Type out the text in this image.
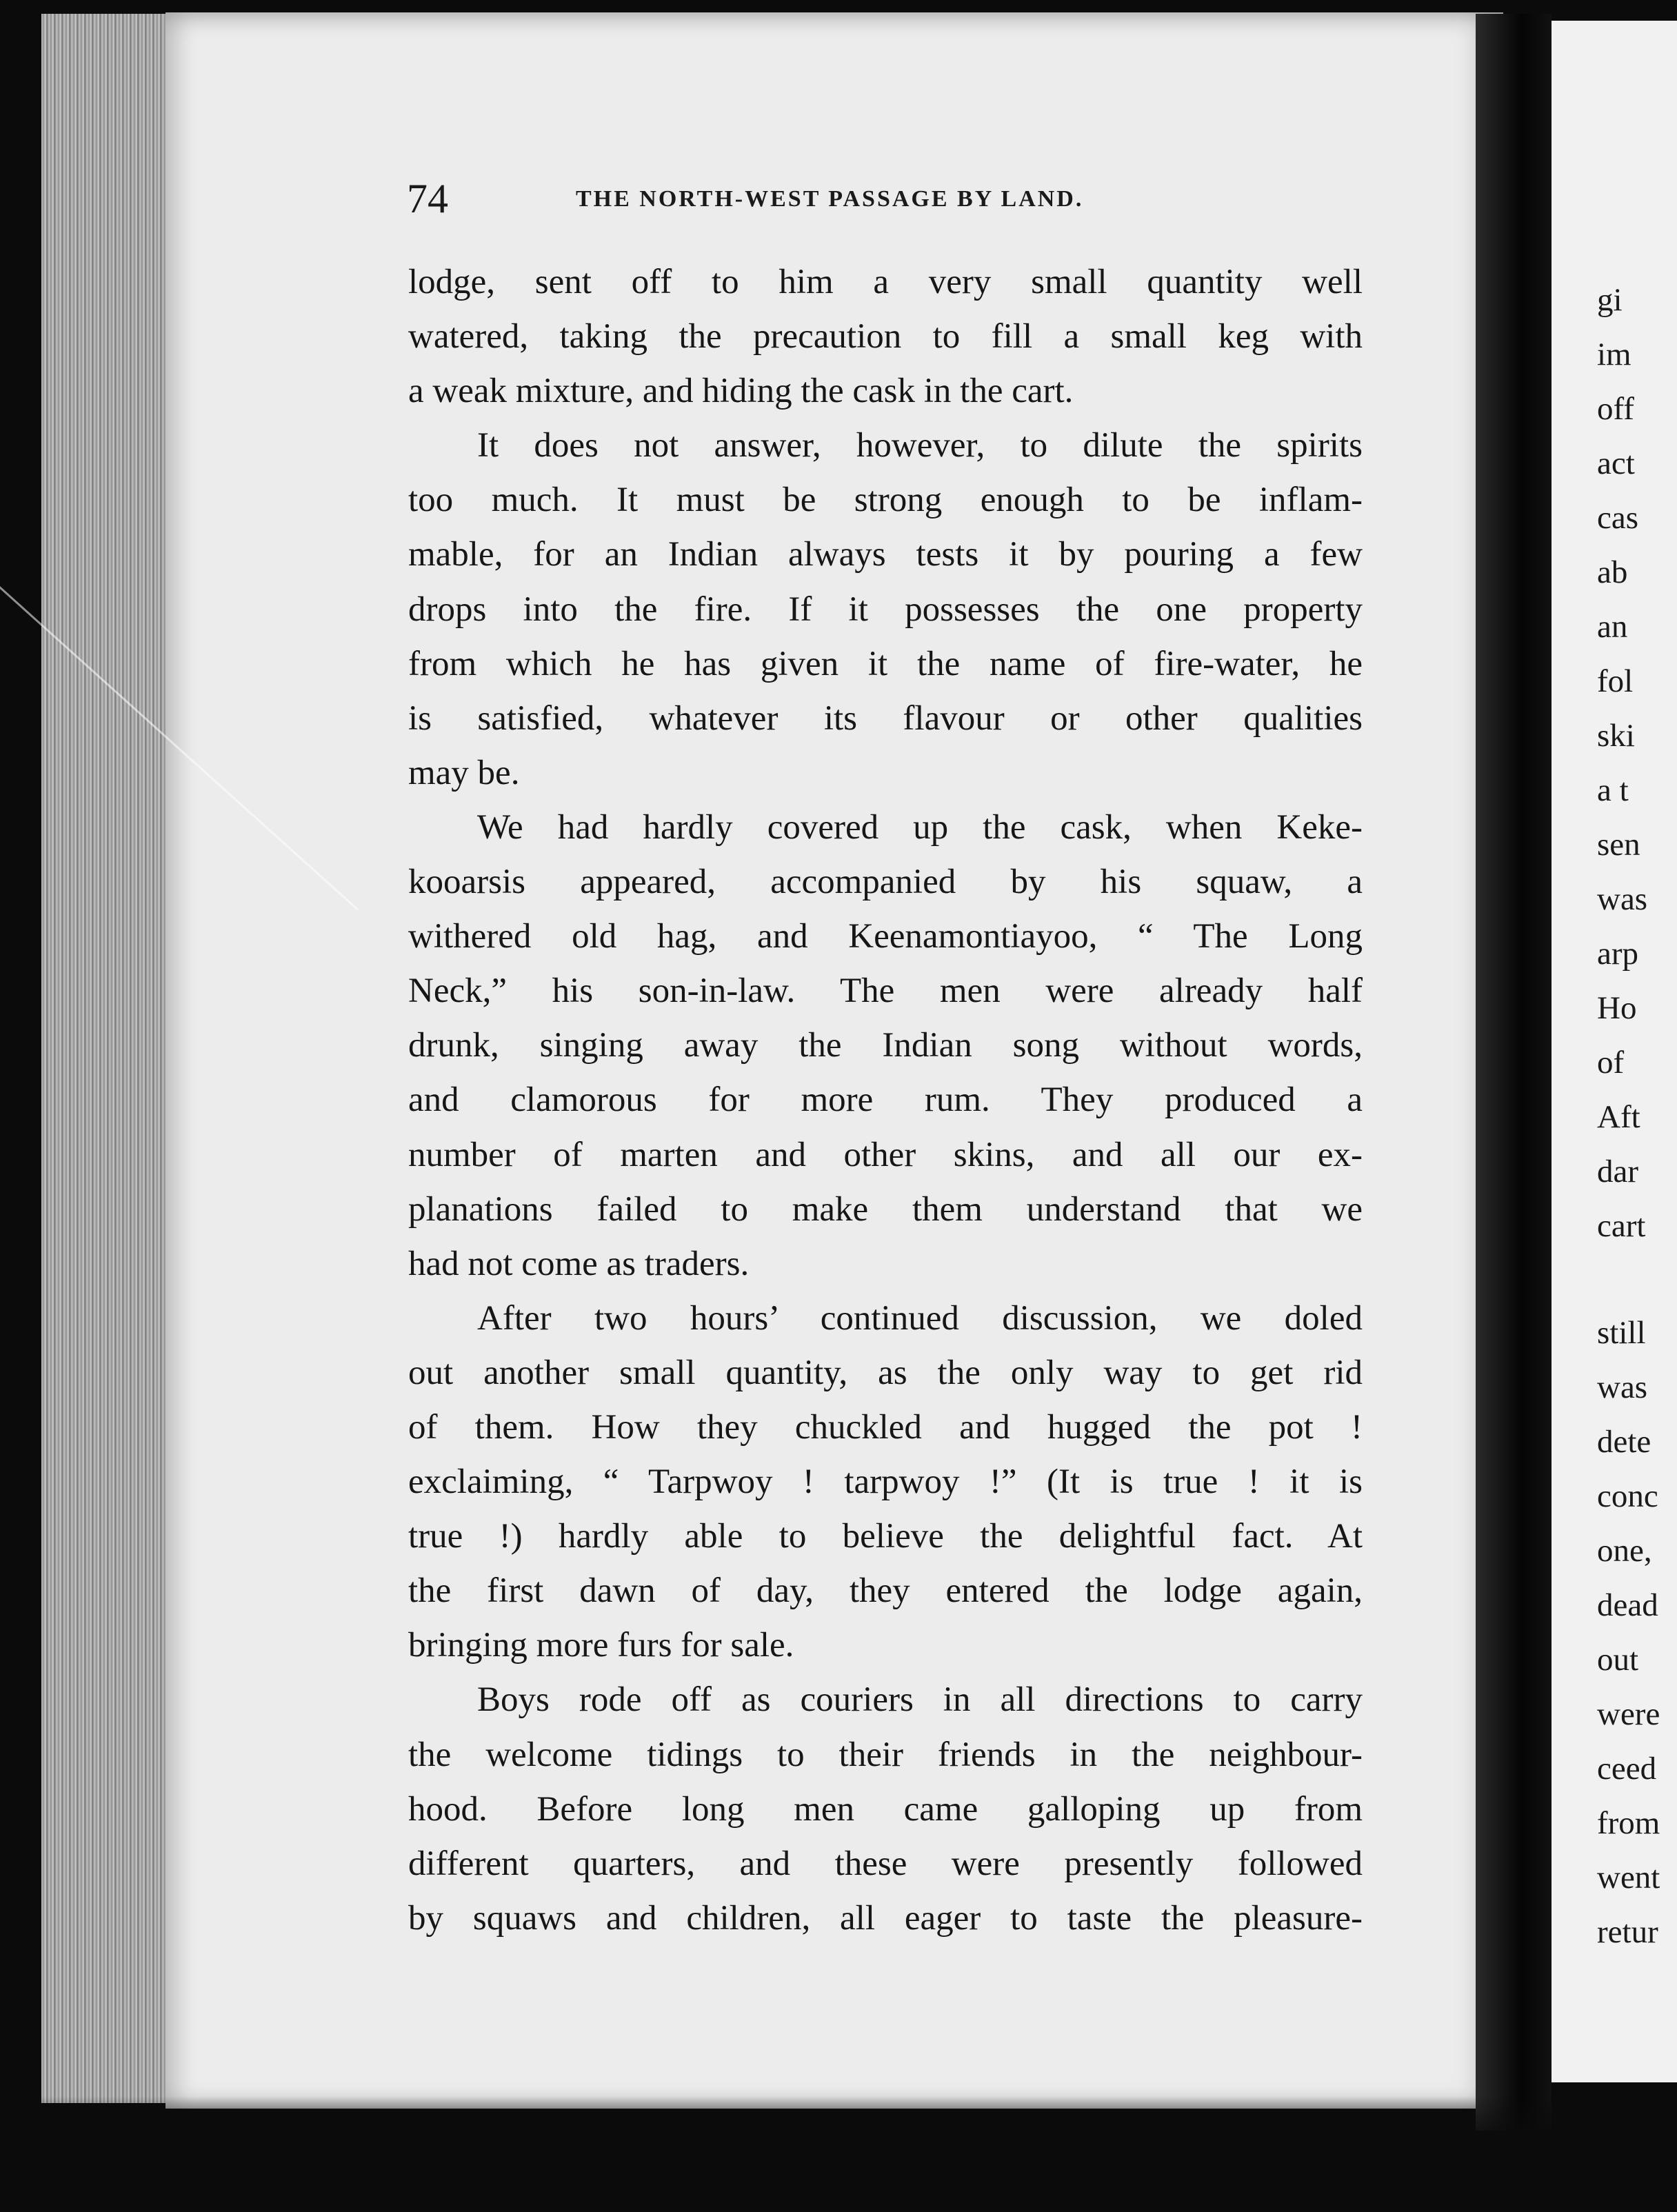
gi
im
off
act
cas
ab
an
fol
ski
a t
sen
was
arp
Ho
of
Aft
dar
cart
still
was
dete
conc
one,
dead
out
were
ceed
from
went
retur
74	THE NORTH-WEST PASSAGE BY LAND.
lodge, sent off to him a very small quantity well
watered, taking the precaution to fill a small keg with
a weak mixture, and hiding the cask in the cart.
It does not answer, however, to dilute the spirits
too much. It must be strong enough to be inflam-
mable, for an Indian always tests it by pouring a few
drops into the fire. If it possesses the one property
from which he has given it the name of fire-water, he
is satisfied, whatever its flavour or other qualities
may be.
We had hardly covered up the cask, when Keke-
kooarsis appeared, accompanied by his squaw, a
withered old hag, and Keenamontiayoo, “ The Long
Neck,” his son-in-law. The men were already half
drunk, singing away the Indian song without words,
and clamorous for more rum. They produced a
number of marten and other skins, and all our ex-
planations failed to make them understand that we
had not come as traders.
After two hours’ continued discussion, we doled
out another small quantity, as the only way to get rid
of them. How they chuckled and hugged the pot !
exclaiming, “ Tarpwoy ! tarpwoy !” (It is true ! it is
true !) hardly able to believe the delightful fact. At
the first dawn of day, they entered the lodge again,
bringing more furs for sale.
Boys rode off as couriers in all directions to carry
the welcome tidings to their friends in the neighbour-
hood. Before long men came galloping up from
different quarters, and these were presently followed
by squaws and children, all eager to taste the pleasure-
